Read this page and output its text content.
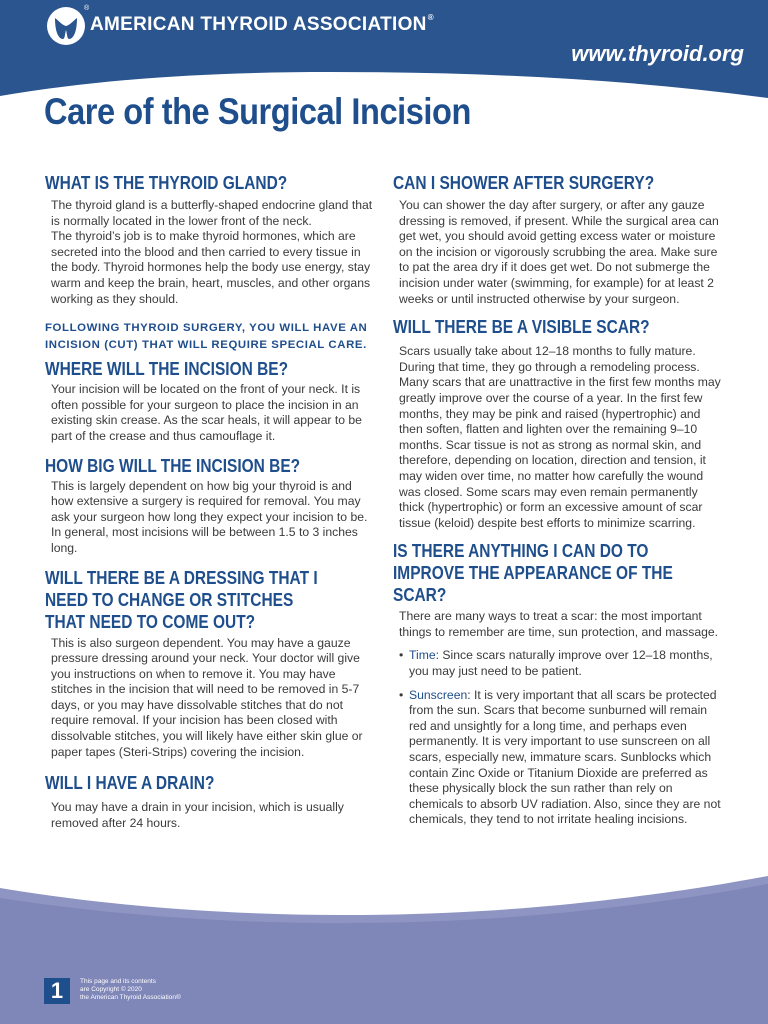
®
AMERICAN THYROID ASSOCIATION®
www.thyroid.org
Care of the Surgical Incision
WHAT IS THE THYROID GLAND?

The thyroid gland is a butterfly-shaped endocrine gland that is normally located in the lower front of the neck.

The thyroid’s job is to make thyroid hormones, which are secreted into the blood and then carried to every tissue in the body. Thyroid hormones help the body use energy, stay warm and keep the brain, heart, muscles, and other organs working as they should.

FOLLOWING THYROID SURGERY, YOU WILL HAVE AN INCISION (CUT) THAT WILL REQUIRE SPECIAL CARE.

WHERE WILL THE INCISION BE?

Your incision will be located on the front of your neck. It is often possible for your surgeon to place the incision in an existing skin crease. As the scar heals, it will appear to be part of the crease and thus camouflage it.

HOW BIG WILL THE INCISION BE?

This is largely dependent on how big your thyroid is and how extensive a surgery is required for removal. You may ask your surgeon how long they expect your incision to be. In general, most incisions will be between 1.5 to 3 inches long.

WILL THERE BE A DRESSING THAT I NEED TO CHANGE OR STITCHES THAT NEED TO COME OUT?

This is also surgeon dependent. You may have a gauze pressure dressing around your neck. Your doctor will give you instructions on when to remove it. You may have stitches in the incision that will need to be removed in 5-7 days, or you may have dissolvable stitches that do not require removal. If your incision has been closed with dissolvable stitches, you will likely have either skin glue or paper tapes (Steri-Strips) covering the incision.

WILL I HAVE A DRAIN?

You may have a drain in your incision, which is usually removed after 24 hours.

CAN I SHOWER AFTER SURGERY?

You can shower the day after surgery, or after any gauze dressing is removed, if present. While the surgical area can get wet, you should avoid getting excess water or moisture on the incision or vigorously scrubbing the area. Make sure to pat the area dry if it does get wet. Do not submerge the incision under water (swimming, for example) for at least 2 weeks or until instructed otherwise by your surgeon.

WILL THERE BE A VISIBLE SCAR?

Scars usually take about 12–18 months to fully mature. During that time, they go through a remodeling process. Many scars that are unattractive in the first few months may greatly improve over the course of a year. In the first few months, they may be pink and raised (hypertrophic) and then soften, flatten and lighten over the remaining 9–10 months. Scar tissue is not as strong as normal skin, and therefore, depending on location, direction and tension, it may widen over time, no matter how carefully the wound was closed. Some scars may even remain permanently thick (hypertrophic) or form an excessive amount of scar tissue (keloid) despite best efforts to minimize scarring.

IS THERE ANYTHING I CAN DO TO IMPROVE THE APPEARANCE OF THE SCAR?

There are many ways to treat a scar: the most important things to remember are time, sun protection, and massage.

• Time: Since scars naturally improve over 12–18 months, you may just need to be patient.
• Sunscreen: It is very important that all scars be protected from the sun. Scars that become sunburned will remain red and unsightly for a long time, and perhaps even permanently. It is very important to use sunscreen on all scars, especially new, immature scars. Sunblocks which contain Zinc Oxide or Titanium Dioxide are preferred as these physically block the sun rather than rely on chemicals to absorb UV radiation. Also, since they are not chemicals, they tend to not irritate healing incisions.
1	This page and its contents
are Copyright © 2020
the American Thyroid Association®
